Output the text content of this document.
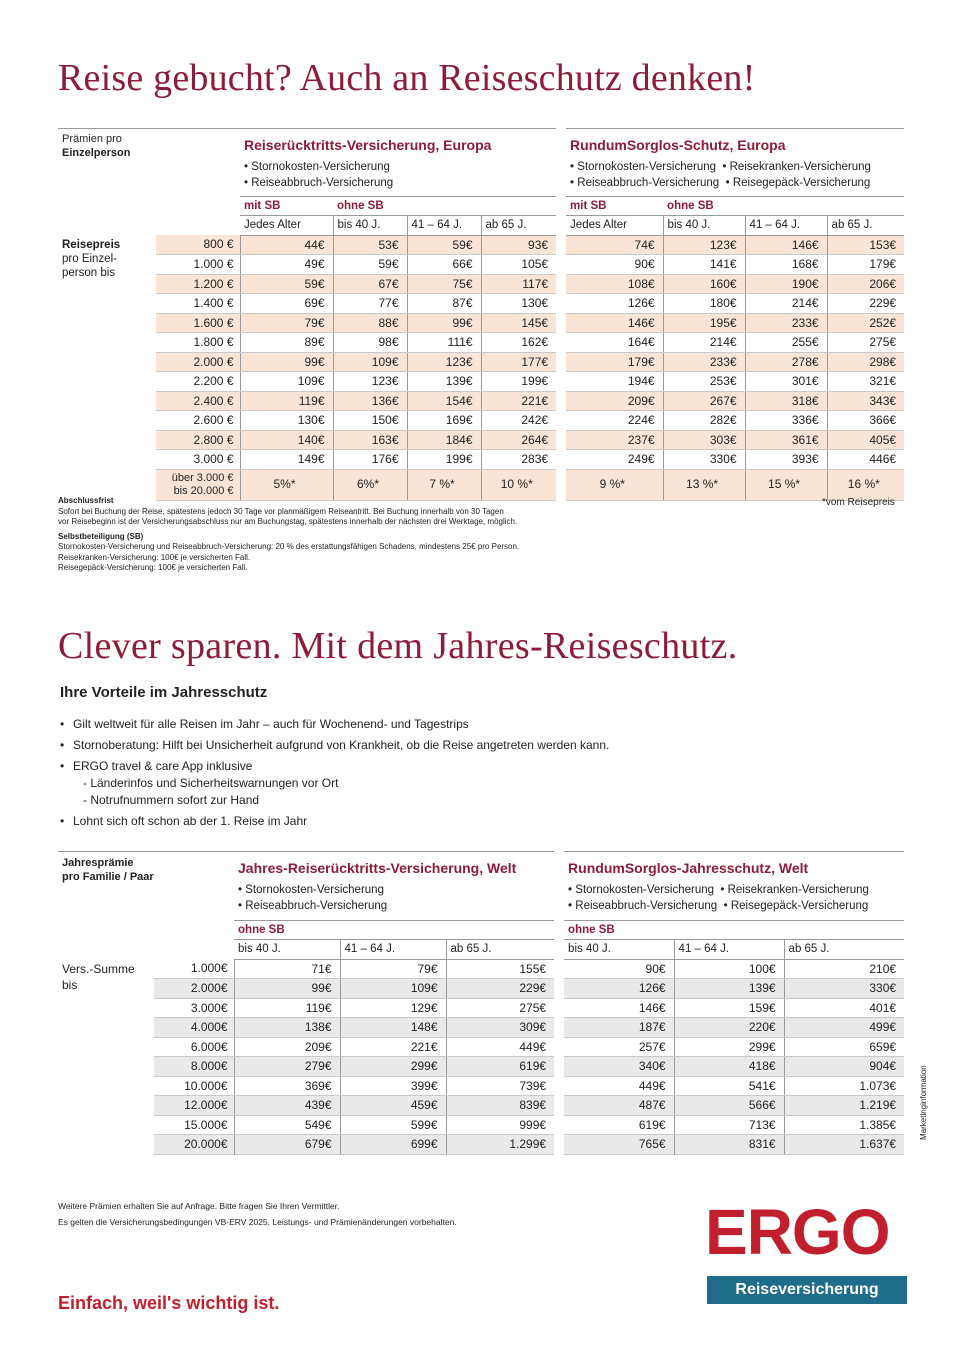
Reise gebucht? Auch an Reiseschutz denken!
Prämien pro
Einzelperson		Reiserücktritts-Versicherung, Europa					RundumSorglos-Schutz, Europa			
		• Stornokosten-Versicherung
• Reiseabbruch-Versicherung					• Stornokosten-Versicherung  • Reisekranken-Versicherung
• Reiseabbruch-Versicherung  • Reisegepäck-Versicherung			
		mit SB	ohne SB				mit SB	ohne SB		
		Jedes Alter	bis 40 J.	41 – 64 J.	ab 65 J.		Jedes Alter	bis 40 J.	41 – 64 J.	ab 65 J.
	800 €	44€	53€	59€	93€		74€	123€	146€	153€
	1.000 €	49€	59€	66€	105€		90€	141€	168€	179€
	1.200 €	59€	67€	75€	117€		108€	160€	190€	206€
	1.400 €	69€	77€	87€	130€		126€	180€	214€	229€
	1.600 €	79€	88€	99€	145€		146€	195€	233€	252€
	1.800 €	89€	98€	111€	162€		164€	214€	255€	275€
	2.000 €	99€	109€	123€	177€		179€	233€	278€	298€
	2.200 €	109€	123€	139€	199€		194€	253€	301€	321€
	2.400 €	119€	136€	154€	221€		209€	267€	318€	343€
	2.600 €	130€	150€	169€	242€		224€	282€	336€	366€
	2.800 €	140€	163€	184€	264€		237€	303€	361€	405€
	3.000 €	149€	176€	199€	283€		249€	330€	393€	446€
	über 3.000 €
bis 20.000 €	5%*	6%*	7 %*	10 %*		9 %*	13 %*	15 %*	16 %*
Reisepreis
pro Einzel-
person bis
*vom Reisepreis
Abschlussfrist
Sofort bei Buchung der Reise, spätestens jedoch 30 Tage vor planmäßigem Reiseantritt. Bei Buchung innerhalb von 30 Tagen
vor Reisebeginn ist der Versicherungsabschluss nur am Buchungstag, spätestens innerhalb der nächsten drei Werktage, möglich.
Selbstbeteiligung (SB)
Stornokosten-Versicherung und Reiseabbruch-Versicherung: 20 % des erstattungsfähigen Schadens, mindestens 25€ pro Person.
Reisekranken-Versicherung: 100€ je versicherten Fall.
Reisegepäck-Versicherung: 100€ je versicherten Fall.
Clever sparen. Mit dem Jahres-Reiseschutz.
Ihre Vorteile im Jahresschutz
• Gilt weltweit für alle Reisen im Jahr – auch für Wochenend- und Tagestrips
• Stornoberatung: Hilft bei Unsicherheit aufgrund von Krankheit, ob die Reise angetreten werden kann.
• ERGO travel & care App inklusive
- Länderinfos und Sicherheitswarnungen vor Ort
- Notrufnummern sofort zur Hand
• Lohnt sich oft schon ab der 1. Reise im Jahr
Jahresprämie
pro Familie / Paar		Jahres-Reiserücktritts-Versicherung, Welt				RundumSorglos-Jahresschutz, Welt		
		• Stornokosten-Versicherung
• Reiseabbruch-Versicherung				• Stornokosten-Versicherung  • Reisekranken-Versicherung
• Reiseabbruch-Versicherung  • Reisegepäck-Versicherung		
		ohne SB				ohne SB		
		bis 40 J.	41 – 64 J.	ab 65 J.		bis 40 J.	41 – 64 J.	ab 65 J.
	1.000€	71€	79€	155€		90€	100€	210€
	2.000€	99€	109€	229€		126€	139€	330€
	3.000€	119€	129€	275€		146€	159€	401€
	4.000€	138€	148€	309€		187€	220€	499€
	6.000€	209€	221€	449€		257€	299€	659€
	8.000€	279€	299€	619€		340€	418€	904€
	10.000€	369€	399€	739€		449€	541€	1.073€
	12.000€	439€	459€	839€		487€	566€	1.219€
	15.000€	549€	599€	999€		619€	713€	1.385€
	20.000€	679€	699€	1.299€		765€	831€	1.637€
Vers.-Summe
bis
Weitere Prämien erhalten Sie auf Anfrage. Bitte fragen Sie Ihren Vermittler.
Es gelten die Versicherungsbedingungen VB-ERV 2025. Leistungs- und Prämienänderungen vorbehalten.
Einfach, weil's wichtig ist.
ERGO
Reiseversicherung
Marketinginformation
